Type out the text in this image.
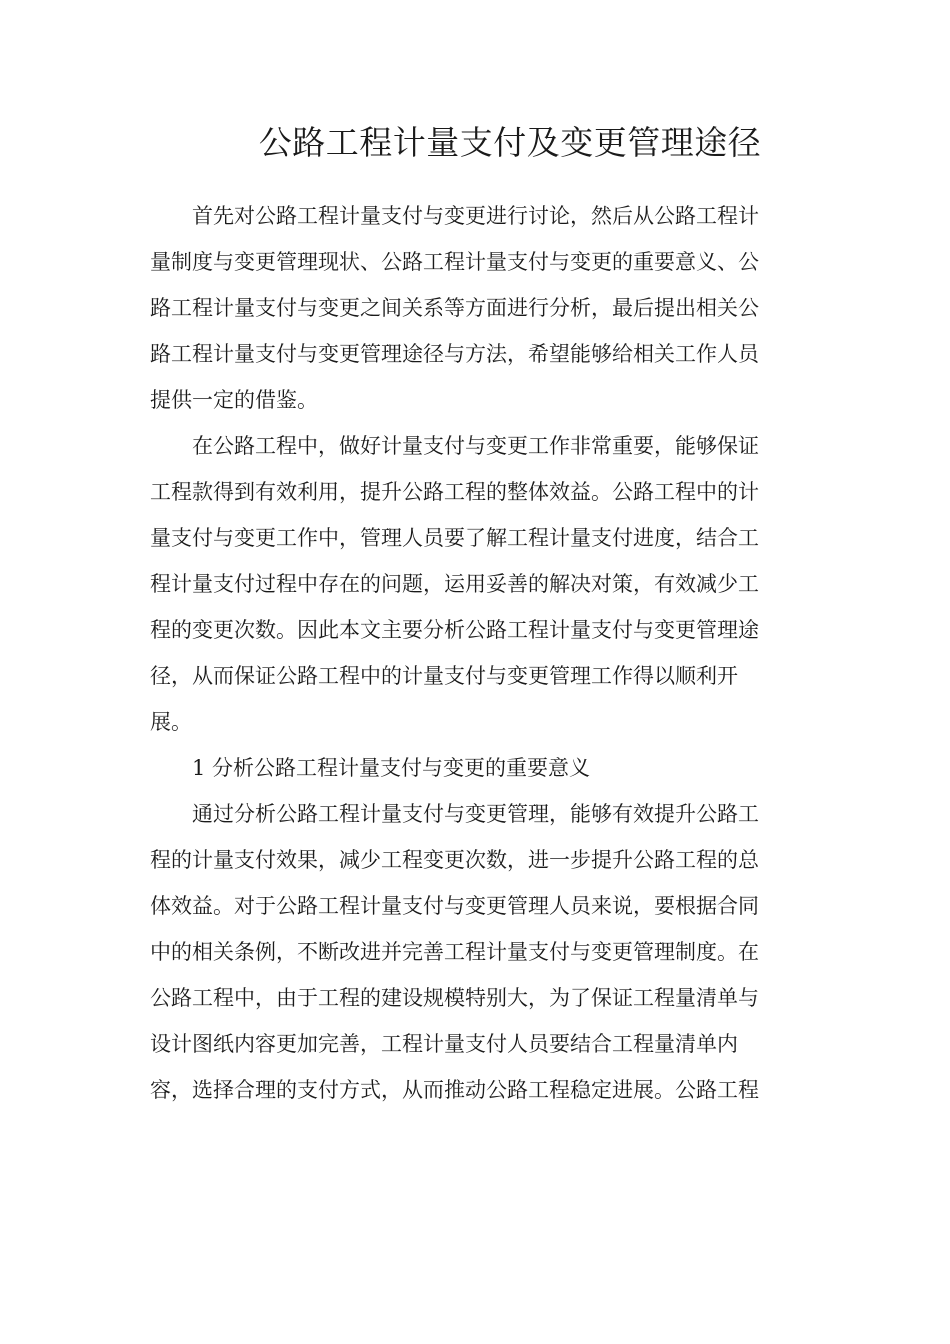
公路工程计量支付及变更管理途径
首先对公路工程计量支付与变更进行讨论，然后从公路工程计
量制度与变更管理现状、公路工程计量支付与变更的重要意义、公
路工程计量支付与变更之间关系等方面进行分析，最后提出相关公
路工程计量支付与变更管理途径与方法，希望能够给相关工作人员
提供一定的借鉴。
在公路工程中，做好计量支付与变更工作非常重要，能够保证
工程款得到有效利用，提升公路工程的整体效益。公路工程中的计
量支付与变更工作中，管理人员要了解工程计量支付进度，结合工
程计量支付过程中存在的问题，运用妥善的解决对策，有效减少工
程的变更次数。因此本文主要分析公路工程计量支付与变更管理途
径，从而保证公路工程中的计量支付与变更管理工作得以顺利开
展。
1 分析公路工程计量支付与变更的重要意义
通过分析公路工程计量支付与变更管理，能够有效提升公路工
程的计量支付效果，减少工程变更次数，进一步提升公路工程的总
体效益。对于公路工程计量支付与变更管理人员来说，要根据合同
中的相关条例，不断改进并完善工程计量支付与变更管理制度。在
公路工程中，由于工程的建设规模特别大，为了保证工程量清单与
设计图纸内容更加完善，工程计量支付人员要结合工程量清单内
容，选择合理的支付方式，从而推动公路工程稳定进展。公路工程
